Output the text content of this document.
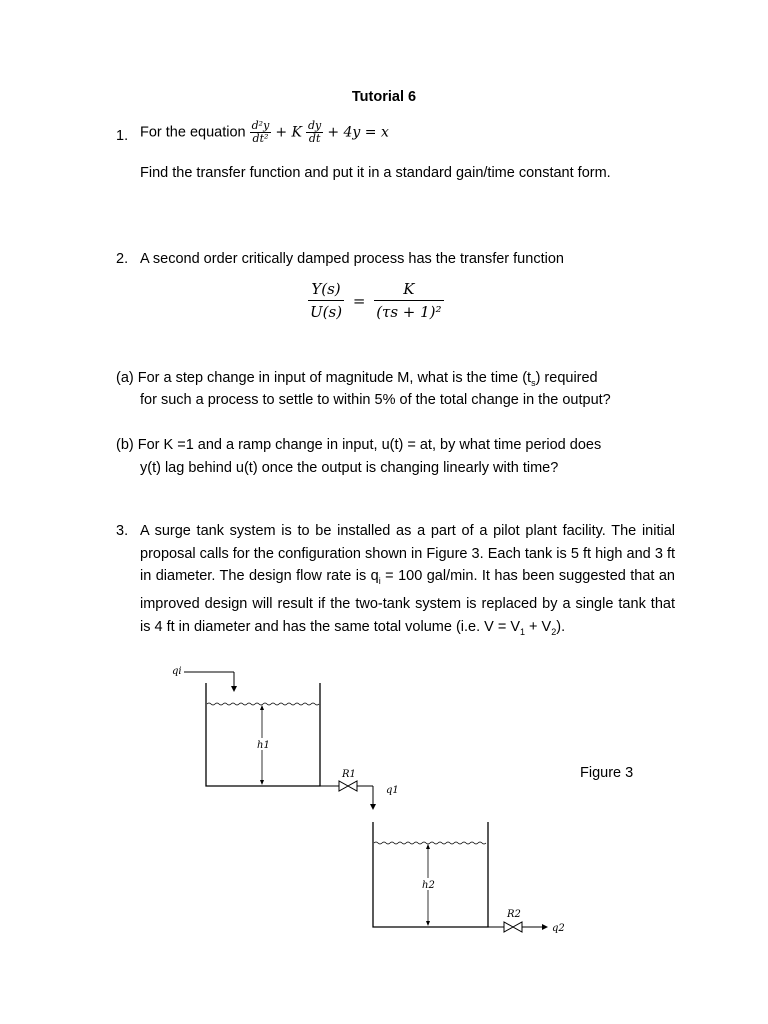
Tutorial 6
1. For the equation $\frac{\text{d²y}}{\text{dt²}} + K \frac{dy}{dt} + 4y = x$
Find the transfer function and put it in a standard gain/time constant form.
2. A second order critically damped process has the transfer function
$\frac{Y(s)}{U(s)} = \frac{K}{\text{(τs + 1)²}}$
(a) For a step change in input of magnitude M, what is the time $(t_s)$ required
for such a process to settle to within 5% of the total change in the output?
(b) For K =1 and a ramp change in input, u(t) = at, by what time period does
y(t) lag behind u(t) once the output is changing linearly with time?
3. A surge tank system is to be installed as a part of a pilot plant facility. The initial proposal calls for the configuration shown in Figure 3. Each tank is 5 ft high and 3 ft in diameter. The design flow rate is $q_i = 100$ gal/min. It has been suggested that an improved design will result if the two-tank system is replaced by a single tank that is 4 ft in diameter and has the same total volume (i.e. $V = V_1 + V_2$).
qi
h1
R1
q1
h2
R2
q2
Figure 3
